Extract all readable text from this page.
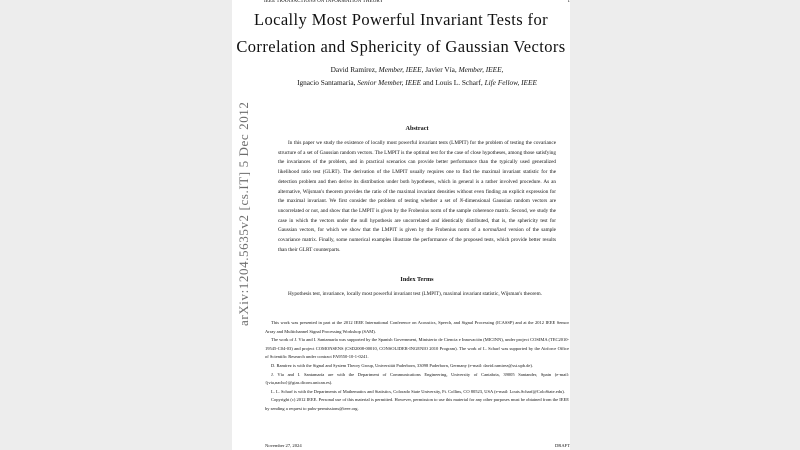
IEEE TRANSACTIONS ON INFORMATION THEORY	1
Locally Most Powerful Invariant Tests for
Correlation and Sphericity of Gaussian Vectors
David Ramírez, Member, IEEE, Javier Vía, Member, IEEE,
Ignacio Santamaría, Senior Member, IEEE and Louis L. Scharf, Life Fellow, IEEE
Abstract
In this paper we study the existence of locally most powerful invariant tests (LMPIT) for the problem of testing the covariance structure of a set of Gaussian random vectors. The LMPIT is the optimal test for the case of close hypotheses, among those satisfying the invariances of the problem, and in practical scenarios can provide better performance than the typically used generalized likelihood ratio test (GLRT). The derivation of the LMPIT usually requires one to find the maximal invariant statistic for the detection problem and then derive its distribution under both hypotheses, which in general is a rather involved procedure. As an alternative, Wijsman's theorem provides the ratio of the maximal invariant densities without even finding an explicit expression for the maximal invariant. We first consider the problem of testing whether a set of N-dimensional Gaussian random vectors are uncorrelated or not, and show that the LMPIT is given by the Frobenius norm of the sample coherence matrix. Second, we study the case in which the vectors under the null hypothesis are uncorrelated and identically distributed, that is, the sphericity test for Gaussian vectors, for which we show that the LMPIT is given by the Frobenius norm of a normalized version of the sample covariance matrix. Finally, some numerical examples illustrate the performance of the proposed tests, which provide better results than their GLRT counterparts.
Index Terms
Hypothesis test, invariance, locally most powerful invariant test (LMPIT), maximal invariant statistic, Wijsman's theorem.

This work was presented in part at the 2012 IEEE International Conference on Acoustics, Speech, and Signal Processing (ICASSP) and at the 2012 IEEE Sensor Array and Multichannel Signal Processing Workshop (SAM).

The work of J. Vía and I. Santamaría was supported by the Spanish Government, Ministerio de Ciencia e Innovación (MICINN), under project COSIMA (TEC2010-19545-C04-03) and project COMONSENS (CSD2008-00010, CONSOLIDER-INGENIO 2010 Program). The work of L. Scharf was supported by the Airforce Office of Scientific Research under contract FA9550-10-1-0241.

D. Ramírez is with the Signal and System Theory Group, Universität Paderborn, 33098 Paderborn, Germany (e-mail: david.ramirez@sst.upb.de).

J. Vía and I. Santamaría are with the Department of Communications Engineering, University of Cantabria, 39005 Santander, Spain (e-mail: {jvia,nacho}@gtas.dicom.unican.es).

L. L. Scharf is with the Departments of Mathematics and Statistics, Colorado State University, Ft. Collins, CO 80523, USA (e-mail: Louis.Scharf@ColoState.edu).

Copyright (c) 2012 IEEE. Personal use of this material is permitted. However, permission to use this material for any other purposes must be obtained from the IEEE by sending a request to pubs-permissions@ieee.org.

November 27, 2024	DRAFT
arXiv:1204.5635v2 [cs.IT] 5 Dec 2012
